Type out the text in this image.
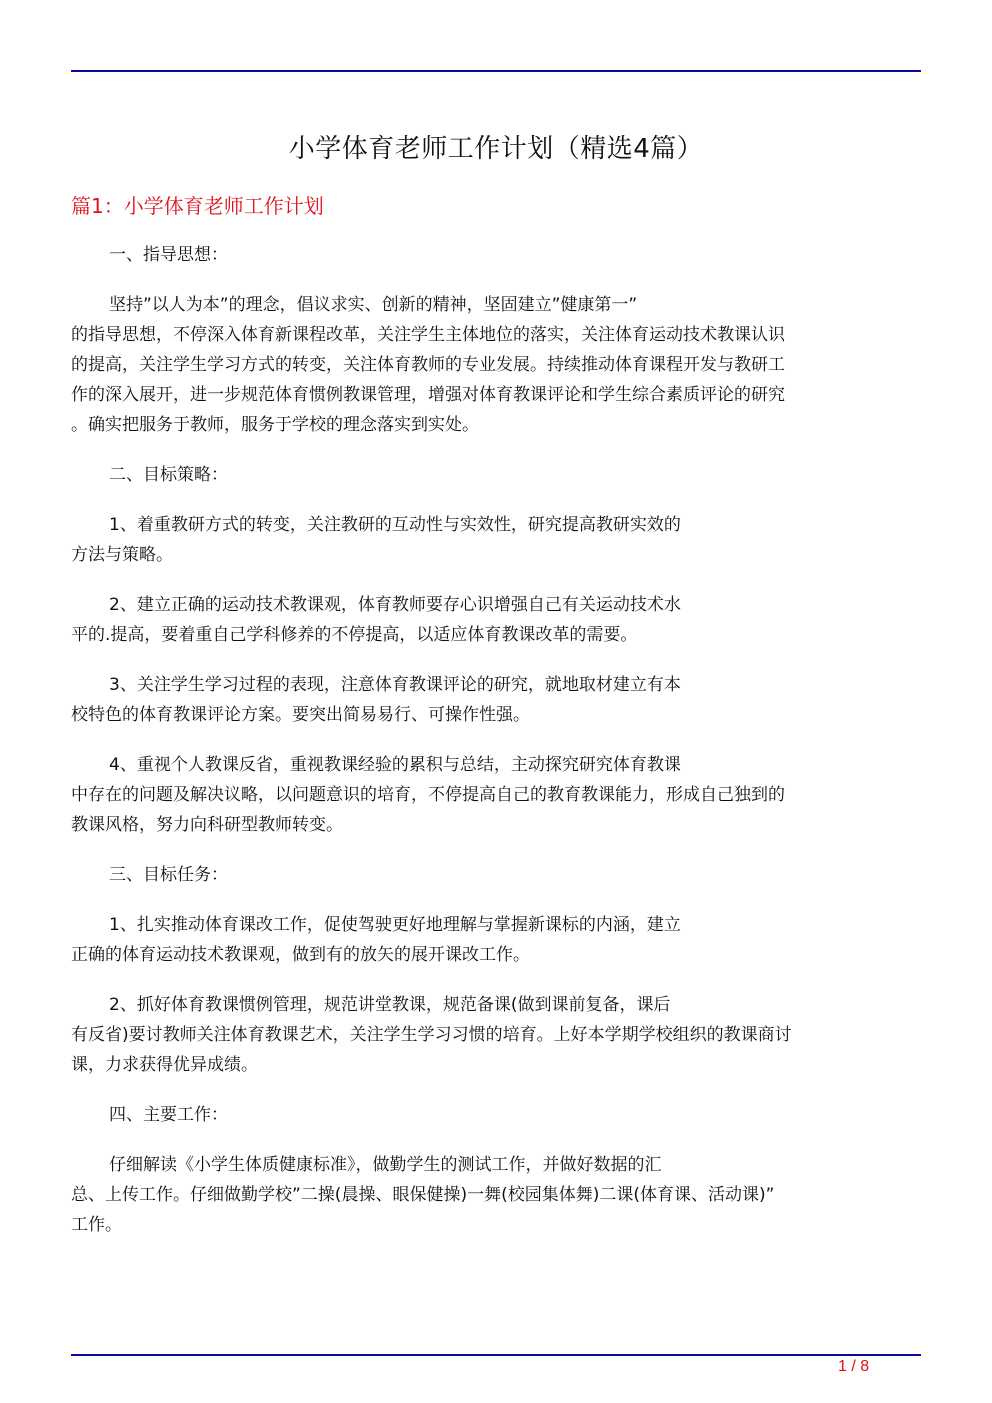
小学体育老师工作计划（精选4篇）
篇1：小学体育老师工作计划

一、指导思想：

坚持”以人为本”的理念，倡议求实、创新的精神，坚固建立”健康第一”
的指导思想，不停深入体育新课程改革，关注学生主体地位的落实，关注体育运动技术教课认识
的提高，关注学生学习方式的转变，关注体育教师的专业发展。持续推动体育课程开发与教研工
作的深入展开，进一步规范体育惯例教课管理，增强对体育教课评论和学生综合素质评论的研究
。确实把服务于教师，服务于学校的理念落实到实处。

二、目标策略：

1、着重教研方式的转变，关注教研的互动性与实效性，研究提高教研实效的
方法与策略。

2、建立正确的运动技术教课观，体育教师要存心识增强自己有关运动技术水
平的.提高，要着重自己学科修养的不停提高，以适应体育教课改革的需要。

3、关注学生学习过程的表现，注意体育教课评论的研究，就地取材建立有本
校特色的体育教课评论方案。要突出简易易行、可操作性强。

4、重视个人教课反省，重视教课经验的累积与总结，主动探究研究体育教课
中存在的问题及解决议略，以问题意识的培育，不停提高自己的教育教课能力，形成自己独到的
教课风格，努力向科研型教师转变。

三、目标任务：

1、扎实推动体育课改工作，促使驾驶更好地理解与掌握新课标的内涵，建立
正确的体育运动技术教课观，做到有的放矢的展开课改工作。

2、抓好体育教课惯例管理，规范讲堂教课，规范备课(做到课前复备，课后
有反省)要讨教师关注体育教课艺术，关注学生学习习惯的培育。上好本学期学校组织的教课商讨
课，力求获得优异成绩。

四、主要工作：

仔细解读《小学生体质健康标准》，做勤学生的测试工作，并做好数据的汇
总、上传工作。仔细做勤学校”二操(晨操、眼保健操)一舞(校园集体舞)二课(体育课、活动课)”
工作。

1 / 8
